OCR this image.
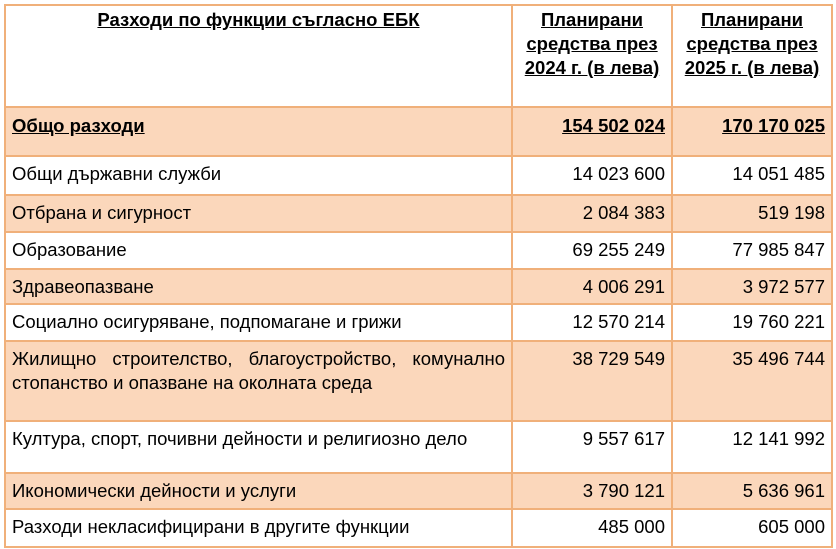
Разходи по функции съгласно ЕБК	Планирани средства през 2024 г. (в лева)	Планирани средства през 2025 г. (в лева)
Общо разходи	154 502 024	170 170 025
Общи държавни служби	14 023 600	14 051 485
Отбрана и сигурност	2 084 383	519 198
Образование	69 255 249	77 985 847
Здравеопазване	4 006 291	3 972 577
Социално осигуряване, подпомагане и грижи	12 570 214	19 760 221
Жилищно строителство, благоустройство, комунално стопанство и опазване на околната среда	38 729 549	35 496 744
Култура, спорт, почивни дейности и религиозно дело	9 557 617	12 141 992
Икономически дейности и услуги	3 790 121	5 636 961
Разходи некласифицирани в другите функции	485 000	605 000
